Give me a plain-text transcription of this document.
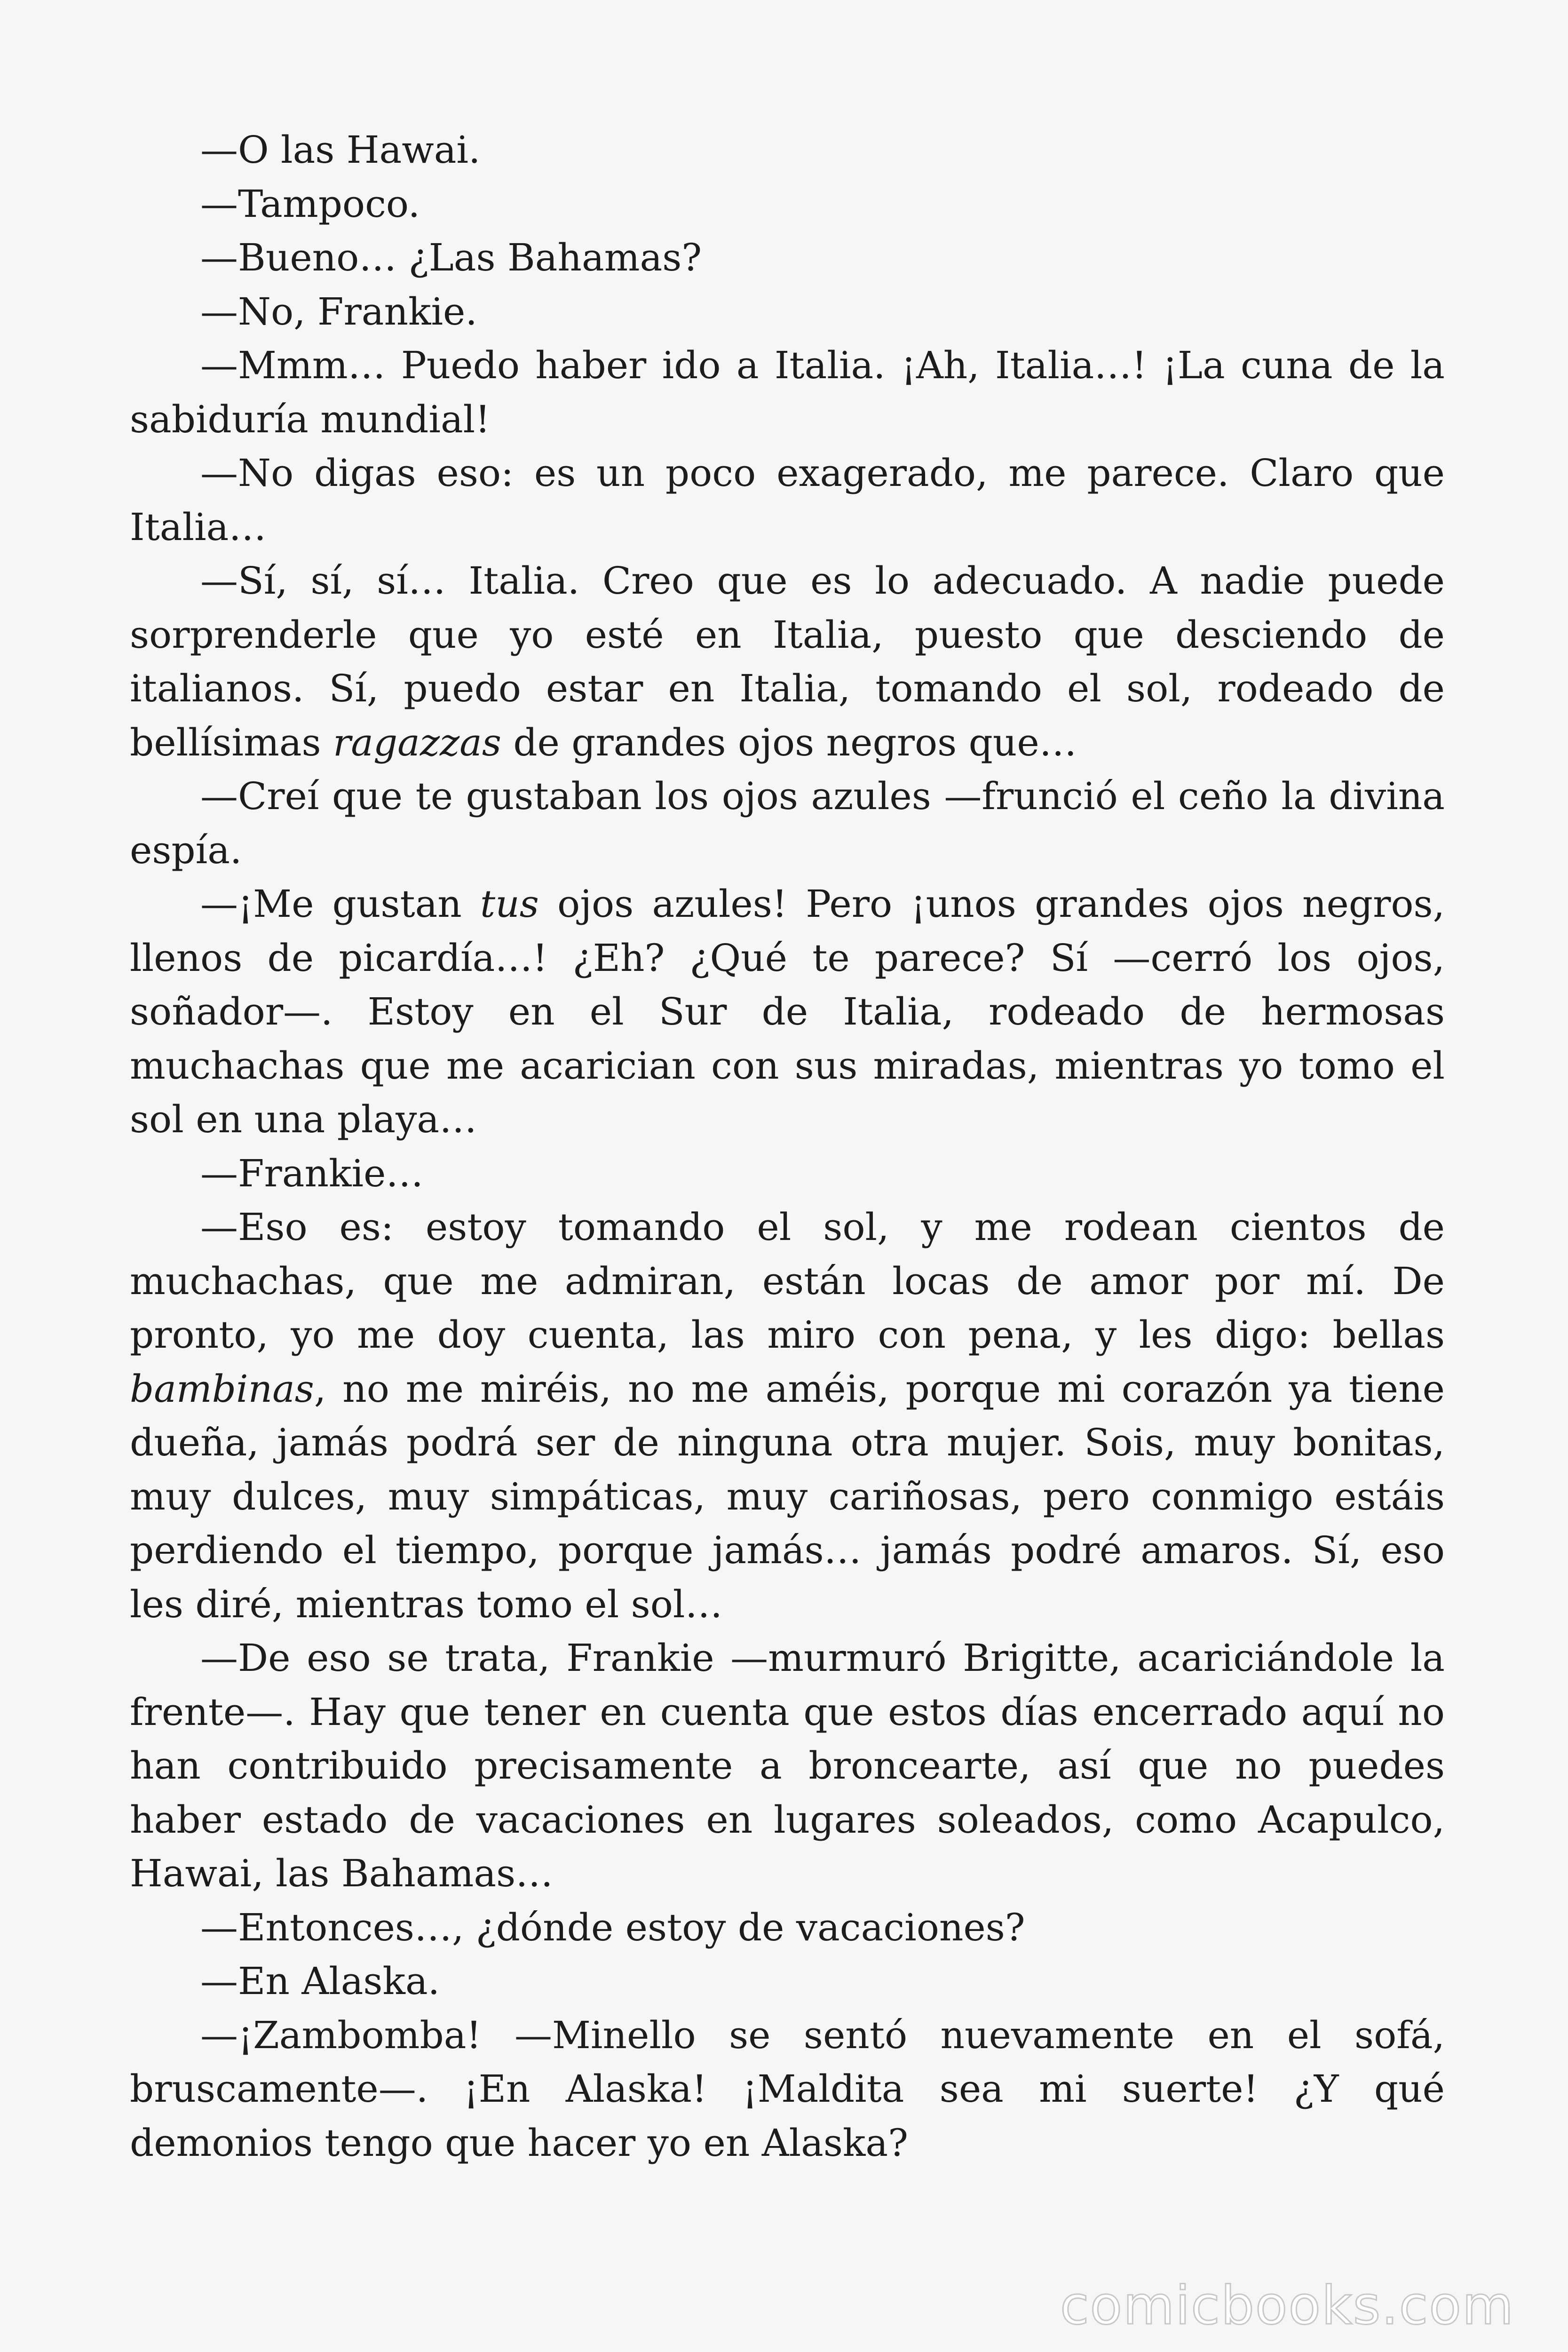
—O las Hawai.

—Tampoco.

—Bueno… ¿Las Bahamas?

—No, Frankie.

—Mmm… Puedo haber ido a Italia. ¡Ah, Italia…! ¡La cuna de la sabiduría mundial!

—No digas eso: es un poco exagerado, me parece. Claro que Italia…

—Sí, sí, sí… Italia. Creo que es lo adecuado. A nadie puede sorprenderle que yo esté en Italia, puesto que desciendo de italianos. Sí, puedo estar en Italia, tomando el sol, rodeado de bellísimas ragazzas de grandes ojos negros que…

—Creí que te gustaban los ojos azules —frunció el ceño la divina espía.

—¡Me gustan tus ojos azules! Pero ¡unos grandes ojos negros, llenos de picardía…! ¿Eh? ¿Qué te parece? Sí —cerró los ojos, soñador—. Estoy en el Sur de Italia, rodeado de hermosas muchachas que me acarician con sus miradas, mientras yo tomo el sol en una playa…

—Frankie…

—Eso es: estoy tomando el sol, y me rodean cientos de muchachas, que me admiran, están locas de amor por mí. De pronto, yo me doy cuenta, las miro con pena, y les digo: bellas bambinas, no me miréis, no me améis, porque mi corazón ya tiene dueña, jamás podrá ser de ninguna otra mujer. Sois, muy bonitas, muy dulces, muy simpáticas, muy cariñosas, pero conmigo estáis perdiendo el tiempo, porque jamás… jamás podré amaros. Sí, eso les diré, mientras tomo el sol…

—De eso se trata, Frankie —murmuró Brigitte, acariciándole la frente—. Hay que tener en cuenta que estos días encerrado aquí no han contribuido precisamente a broncearte, así que no puedes haber estado de vacaciones en lugares soleados, como Acapulco, Hawai, las Bahamas…

—Entonces…, ¿dónde estoy de vacaciones?

—En Alaska.

—¡Zambomba! —Minello se sentó nuevamente en el sofá, bruscamente—. ¡En Alaska! ¡Maldita sea mi suerte! ¿Y qué demonios tengo que hacer yo en Alaska?

comicbooks.com
